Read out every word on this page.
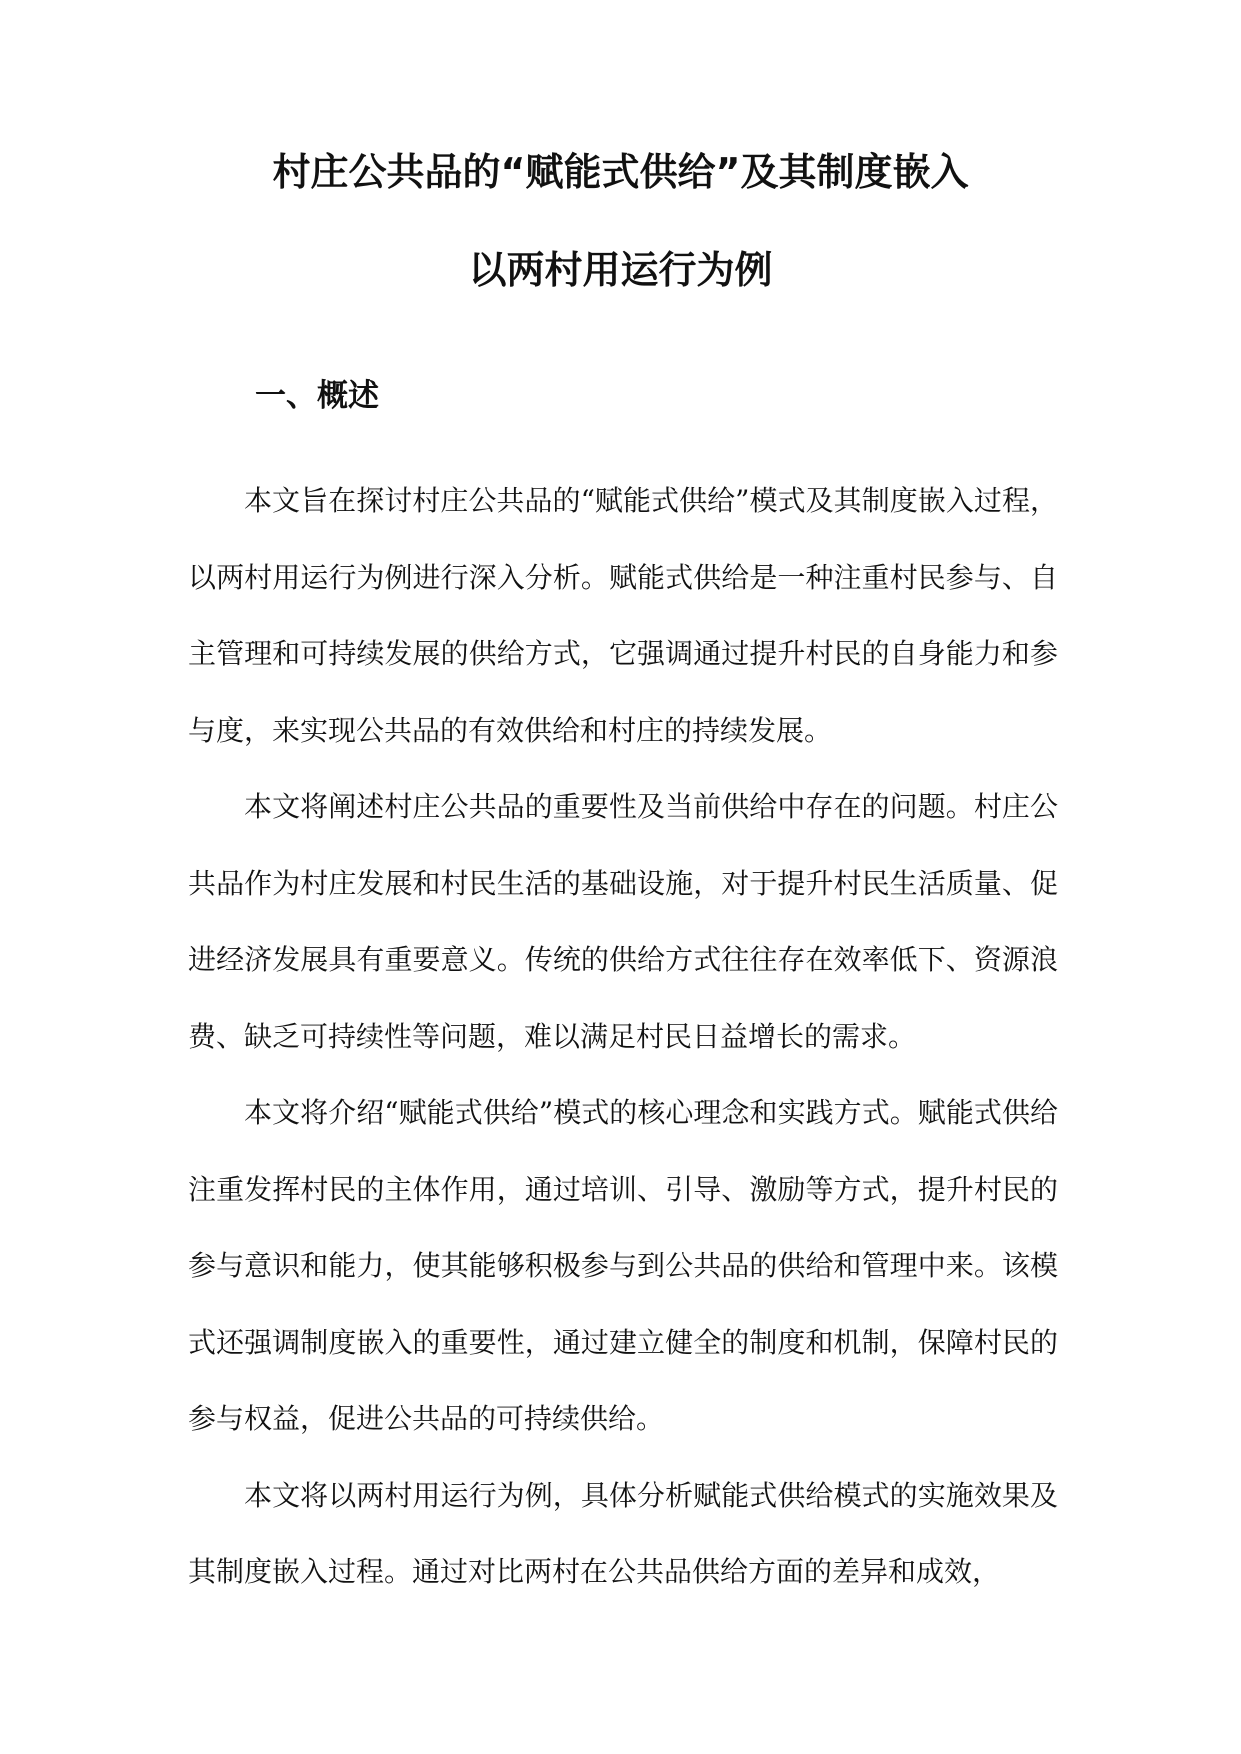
村庄公共品的“赋能式供给”及其制度嵌入
以两村用运行为例
一、概述

本文旨在探讨村庄公共品的“赋能式供给”模式及其制度嵌入过程，以两村用运行为例进行深入分析。赋能式供给是一种注重村民参与、自主管理和可持续发展的供给方式，它强调通过提升村民的自身能力和参与度，来实现公共品的有效供给和村庄的持续发展。

本文将阐述村庄公共品的重要性及当前供给中存在的问题。村庄公共品作为村庄发展和村民生活的基础设施，对于提升村民生活质量、促进经济发展具有重要意义。传统的供给方式往往存在效率低下、资源浪费、缺乏可持续性等问题，难以满足村民日益增长的需求。

本文将介绍“赋能式供给”模式的核心理念和实践方式。赋能式供给注重发挥村民的主体作用，通过培训、引导、激励等方式，提升村民的参与意识和能力，使其能够积极参与到公共品的供给和管理中来。该模式还强调制度嵌入的重要性，通过建立健全的制度和机制，保障村民的参与权益，促进公共品的可持续供给。

本文将以两村用运行为例，具体分析赋能式供给模式的实施效果及其制度嵌入过程。通过对比两村在公共品供给方面的差异和成效，
